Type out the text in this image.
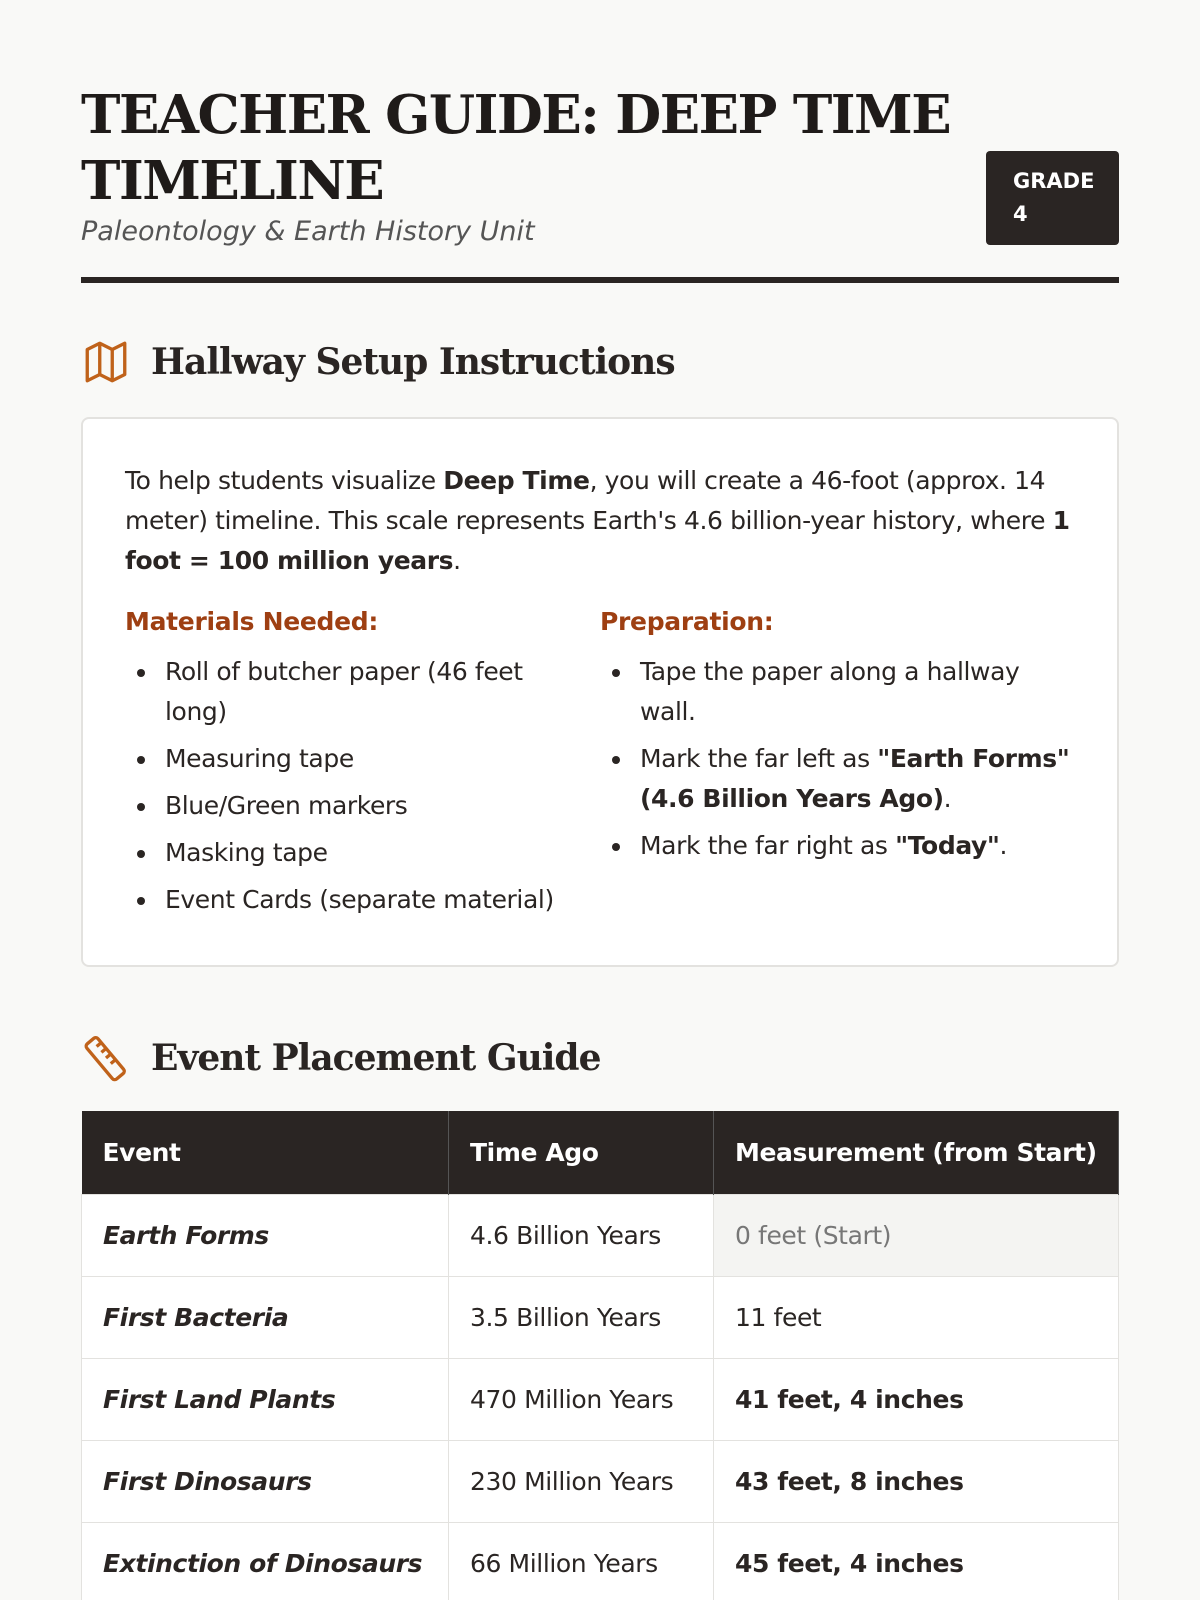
TEACHER GUIDE: DEEP TIME
TIMELINE
Paleontology & Earth History Unit
GRADE
4
Hallway Setup Instructions

To help students visualize Deep Time, you will create a 46-foot (approx. 14 meter) timeline. This scale represents Earth's 4.6 billion-year history, where 1 foot = 100 million years.

Materials Needed:
Roll of butcher paper (46 feet long)
Measuring tape
Blue/Green markers
Masking tape
Event Cards (separate material)
Preparation:
Tape the paper along a hallway wall.
Mark the far left as "Earth Forms" (4.6 Billion Years Ago).
Mark the far right as "Today".
Event Placement Guide
Event	Time Ago	Measurement (from Start)
Earth Forms	4.6 Billion Years	0 feet (Start)
First Bacteria	3.5 Billion Years	11 feet
First Land Plants	470 Million Years	41 feet, 4 inches
First Dinosaurs	230 Million Years	43 feet, 8 inches
Extinction of Dinosaurs	66 Million Years	45 feet, 4 inches
